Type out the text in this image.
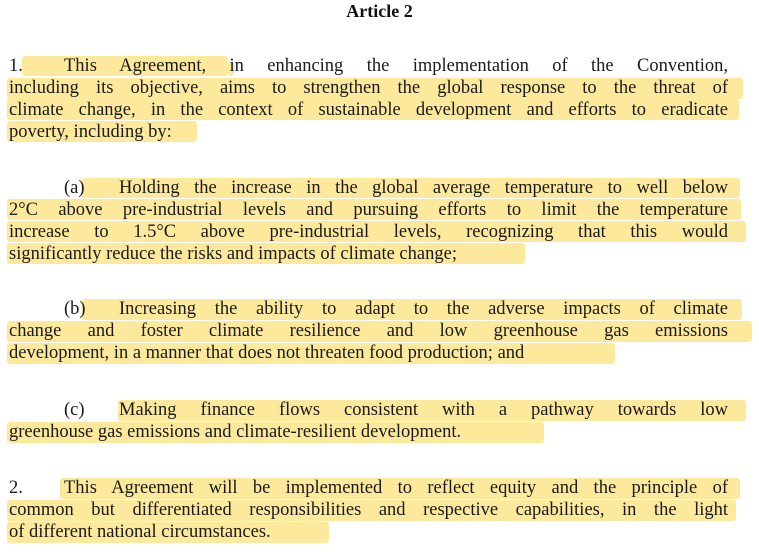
Article 2
1. This Agreement, in enhancing the implementation of the Convention,
including its objective, aims to strengthen the global response to the threat of
climate change, in the context of sustainable development and efforts to eradicate
poverty, including by:
(a) Holding the increase in the global average temperature to well below
2°C above pre-industrial levels and pursuing efforts to limit the temperature
increase to 1.5°C above pre-industrial levels, recognizing that this would
significantly reduce the risks and impacts of climate change;
(b) Increasing the ability to adapt to the adverse impacts of climate
change and foster climate resilience and low greenhouse gas emissions
development, in a manner that does not threaten food production; and
(c) Making finance flows consistent with a pathway towards low
greenhouse gas emissions and climate-resilient development.
2. This Agreement will be implemented to reflect equity and the principle of
common but differentiated responsibilities and respective capabilities, in the light
of different national circumstances.
